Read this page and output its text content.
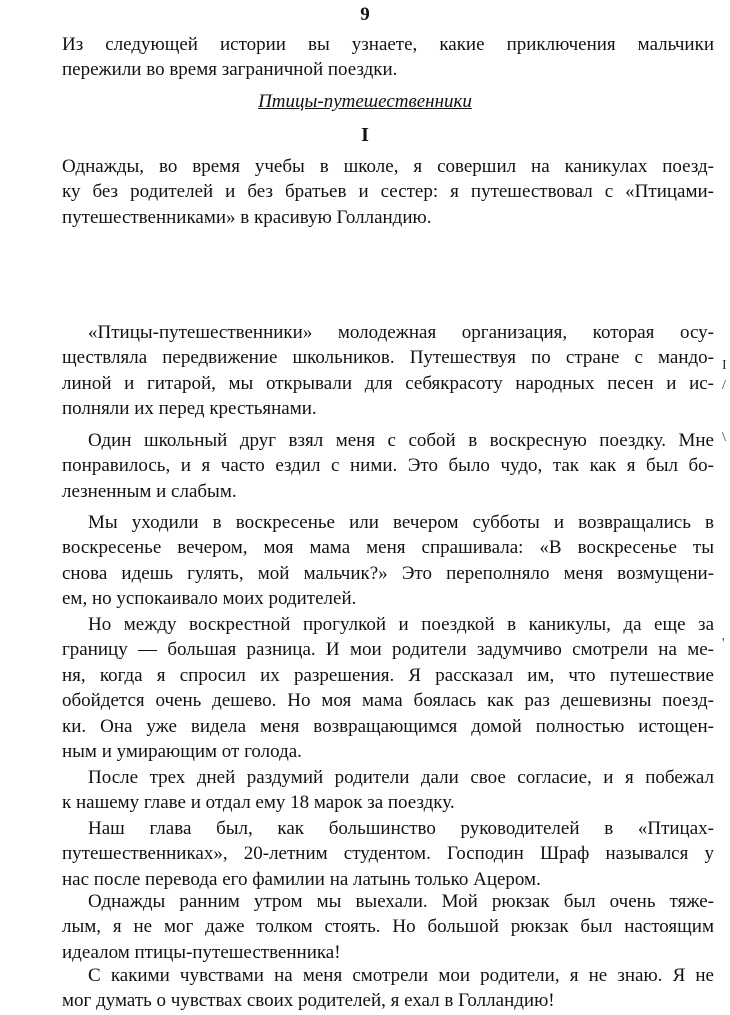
9
Из следующей истории вы узнаете, какие приключения мальчики
пережили во время заграничной поездки.
Птицы-путешественники
I
Однажды, во время учебы в школе, я совершил на каникулах поезд-
ку без родителей и без братьев и сестер: я путешествовал с «Птицами-
путешественниками» в красивую Голландию.
«Птицы-путешественники» молодежная организация, которая осу-
ществляла передвижение школьников. Путешествуя по стране с мандо-
линой и гитарой, мы открывали для себякрасоту народных песен и ис-
полняли их перед крестьянами.
Один школьный друг взял меня с собой в воскресную поездку. Мне
понравилось, и я часто ездил с ними. Это было чудо, так как я был бо-
лезненным и слабым.
Мы уходили в воскресенье или вечером субботы и возвращались в
воскресенье вечером, моя мама меня спрашивала: «В воскресенье ты
снова идешь гулять, мой мальчик?» Это переполняло меня возмущени-
ем, но успокаивало моих родителей.
Но между воскрестной прогулкой и поездкой в каникулы, да еще за
границу — большая разница. И мои родители задумчиво смотрели на ме-
ня, когда я спросил их разрешения. Я рассказал им, что путешествие
обойдется очень дешево. Но моя мама боялась как раз дешевизны поезд-
ки. Она уже видела меня возвращающимся домой полностью истощен-
ным и умирающим от голода.
После трех дней раздумий родители дали свое согласие, и я побежал
к нашему главе и отдал ему 18 марок за поездку.
Наш глава был, как большинство руководителей в «Птицах-
путешественниках», 20-летним студентом. Господин Шраф назывался у
нас после перевода его фамилии на латынь только Ацером.
Однажды ранним утром мы выехали. Мой рюкзак был очень тяже-
лым, я не мог даже толком стоять. Но большой рюкзак был настоящим
идеалом птицы-путешественника!
С какими чувствами на меня смотрели мои родители, я не знаю. Я не
мог думать о чувствах своих родителей, я ехал в Голландию!
I
/
\
'
